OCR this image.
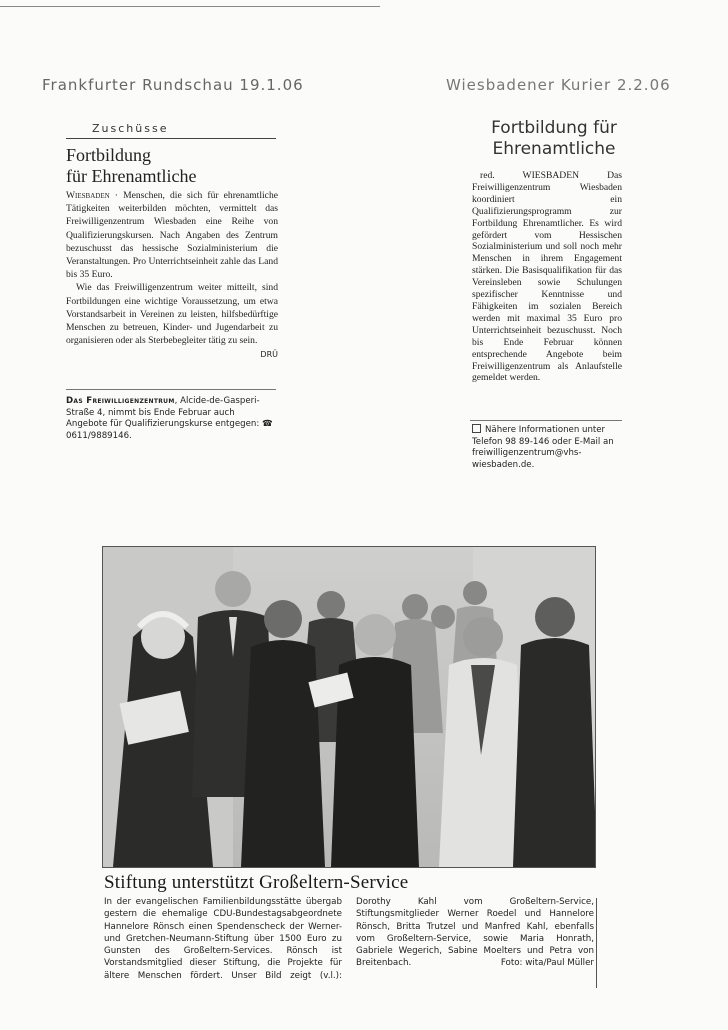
Frankfurter Rundschau 19.1.06	Wiesbadener Kurier 2.2.06
Zuschüsse
Fortbildung
für Ehrenamtliche

Wiesbaden · Menschen, die sich für ehrenamtliche Tätigkeiten weiterbilden möchten, vermittelt das Freiwilligenzentrum Wiesbaden eine Reihe von Qualifizierungskursen. Nach Angaben des Zentrum bezuschusst das hessische Sozialministerium die Veranstaltungen. Pro Unterrichtseinheit zahle das Land bis 35 Euro.

Wie das Freiwilligenzentrum weiter mitteilt, sind Fortbildungen eine wichtige Voraussetzung, um etwa Vorstandsarbeit in Vereinen zu leisten, hilfsbedürftige Menschen zu betreuen, Kinder- und Jugendarbeit zu organisieren oder als Sterbebegleiter tätig zu sein.
DRÜ

Das Freiwilligenzentrum, Alcide-de-Gasperi-Straße 4, nimmt bis Ende Februar auch Angebote für Qualifizierungskurse entgegen: ☎ 0611/9889146.
Fortbildung für
Ehrenamtliche

red. WIESBADEN Das Freiwilligenzentrum Wiesbaden koordiniert ein Qualifizierungsprogramm zur Fortbildung Ehrenamtlicher. Es wird gefördert vom Hessischen Sozialministerium und soll noch mehr Menschen in ihrem Engagement stärken. Die Basisqualifikation für das Vereinsleben sowie Schulungen spezifischer Kenntnisse und Fähigkeiten im sozialen Bereich werden mit maximal 35 Euro pro Unterrichtseinheit bezuschusst. Noch bis Ende Februar können entsprechende Angebote beim Freiwilligenzentrum als Anlaufstelle gemeldet werden.

Nähere Informationen unter Telefon 98 89-146 oder E-Mail an freiwilligenzentrum@vhs-wiesbaden.de.
Stiftung unterstützt Großeltern-Service
In der evangelischen Familienbildungsstätte übergab gestern die ehemalige CDU-Bundestagsabgeordnete Hannelore Rönsch einen Spendenscheck der Werner-und Gretchen-Neumann-Stiftung über 1500 Euro zu Gunsten des Großeltern-Services. Rönsch ist Vorstandsmitglied dieser Stiftung, die Projekte für ältere Menschen fördert. Unser Bild zeigt (v.l.): Dorothy Kahl vom Großeltern-Service, Stiftungsmitglieder Werner Roedel und Hannelore Rönsch, Britta Trutzel und Manfred Kahl, ebenfalls vom Großeltern-Service, sowie Maria Honrath, Gabriele Wegerich, Sabine Moelters und Petra von Breitenbach.	Foto: wita/Paul Müller
